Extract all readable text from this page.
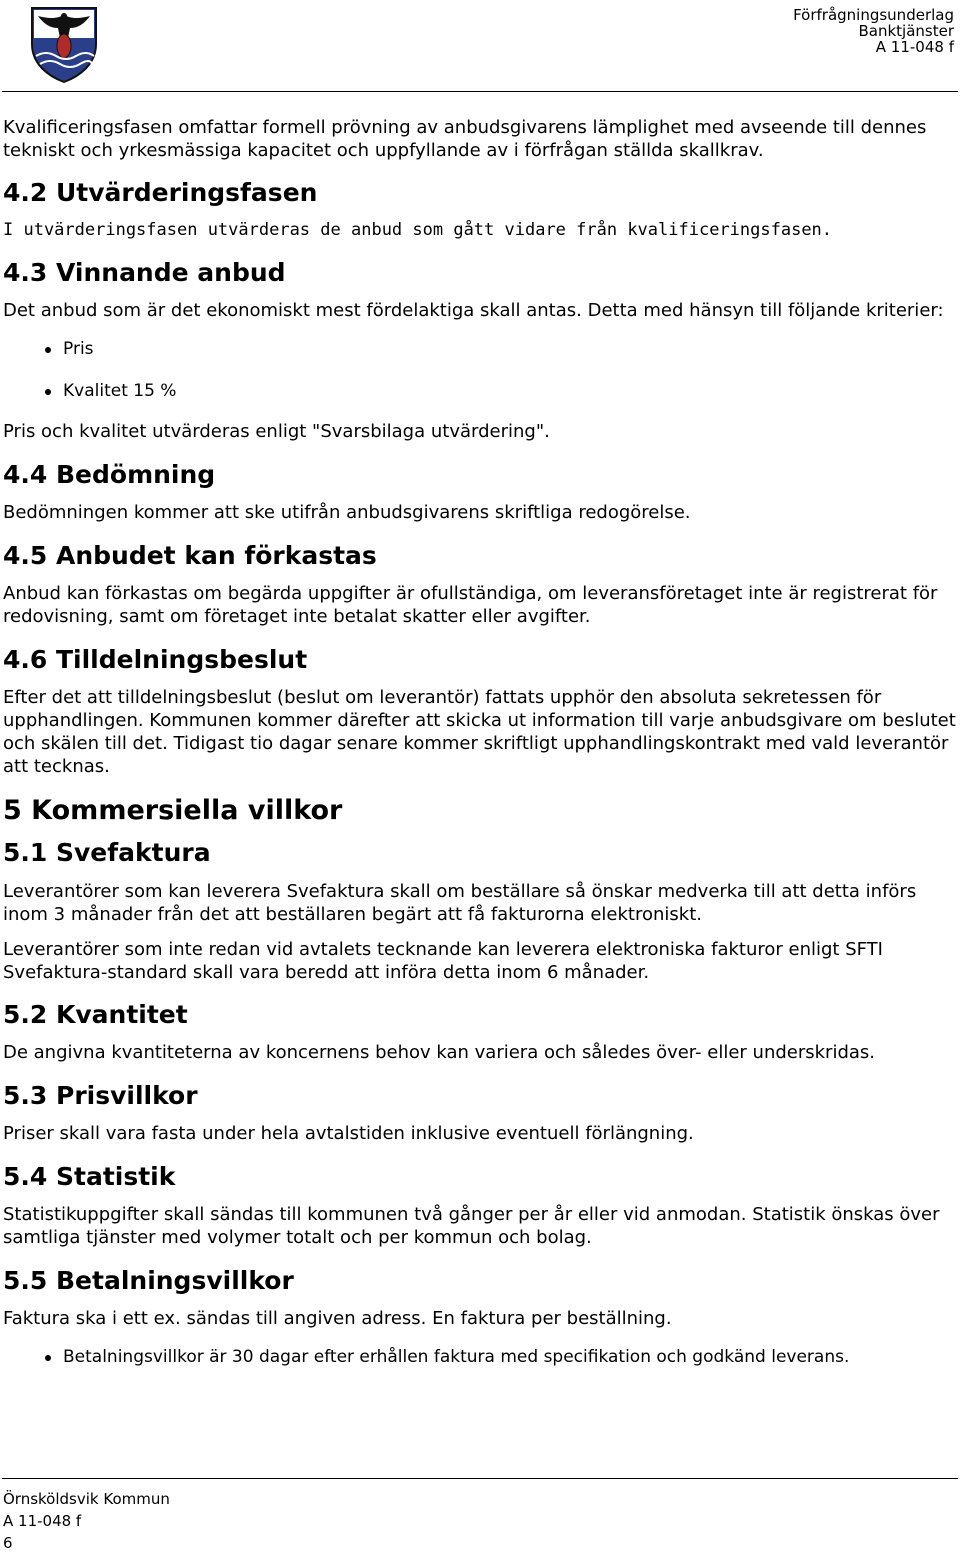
Förfrågningsunderlag
Banktjänster
A 11-048 f

Kvalificeringsfasen omfattar formell prövning av anbudsgivarens lämplighet med avseende till dennes tekniskt och yrkesmässiga kapacitet och uppfyllande av i förfrågan ställda skallkrav.

4.2 Utvärderingsfasen

I utvärderingsfasen utvärderas de anbud som gått vidare från kvalificeringsfasen.

4.3 Vinnande anbud

Det anbud som är det ekonomiskt mest fördelaktiga skall antas. Detta med hänsyn till följande kriterier:

Pris
Kvalitet 15 %

Pris och kvalitet utvärderas enligt "Svarsbilaga utvärdering".

4.4 Bedömning

Bedömningen kommer att ske utifrån anbudsgivarens skriftliga redogörelse.

4.5 Anbudet kan förkastas

Anbud kan förkastas om begärda uppgifter är ofullständiga, om leveransföretaget inte är registrerat för redovisning, samt om företaget inte betalat skatter eller avgifter.

4.6 Tilldelningsbeslut

Efter det att tilldelningsbeslut (beslut om leverantör) fattats upphör den absoluta sekretessen för upphandlingen. Kommunen kommer därefter att skicka ut information till varje anbudsgivare om beslutet och skälen till det. Tidigast tio dagar senare kommer skriftligt upphandlingskontrakt med vald leverantör att tecknas.

5 Kommersiella villkor
5.1 Svefaktura

Leverantörer som kan leverera Svefaktura skall om beställare så önskar medverka till att detta införs inom 3 månader från det att beställaren begärt att få fakturorna elektroniskt.

Leverantörer som inte redan vid avtalets tecknande kan leverera elektroniska fakturor enligt SFTI Svefaktura-standard skall vara beredd att införa detta inom 6 månader.

5.2 Kvantitet

De angivna kvantiteterna av koncernens behov kan variera och således över- eller underskridas.

5.3 Prisvillkor

Priser skall vara fasta under hela avtalstiden inklusive eventuell förlängning.

5.4 Statistik

Statistikuppgifter skall sändas till kommunen två gånger per år eller vid anmodan. Statistik önskas över samtliga tjänster med volymer totalt och per kommun och bolag.

5.5 Betalningsvillkor

Faktura ska i ett ex. sändas till angiven adress. En faktura per beställning.

Betalningsvillkor är 30 dagar efter erhållen faktura med specifikation och godkänd leverans.
Örnsköldsvik Kommun
A 11-048 f
6
